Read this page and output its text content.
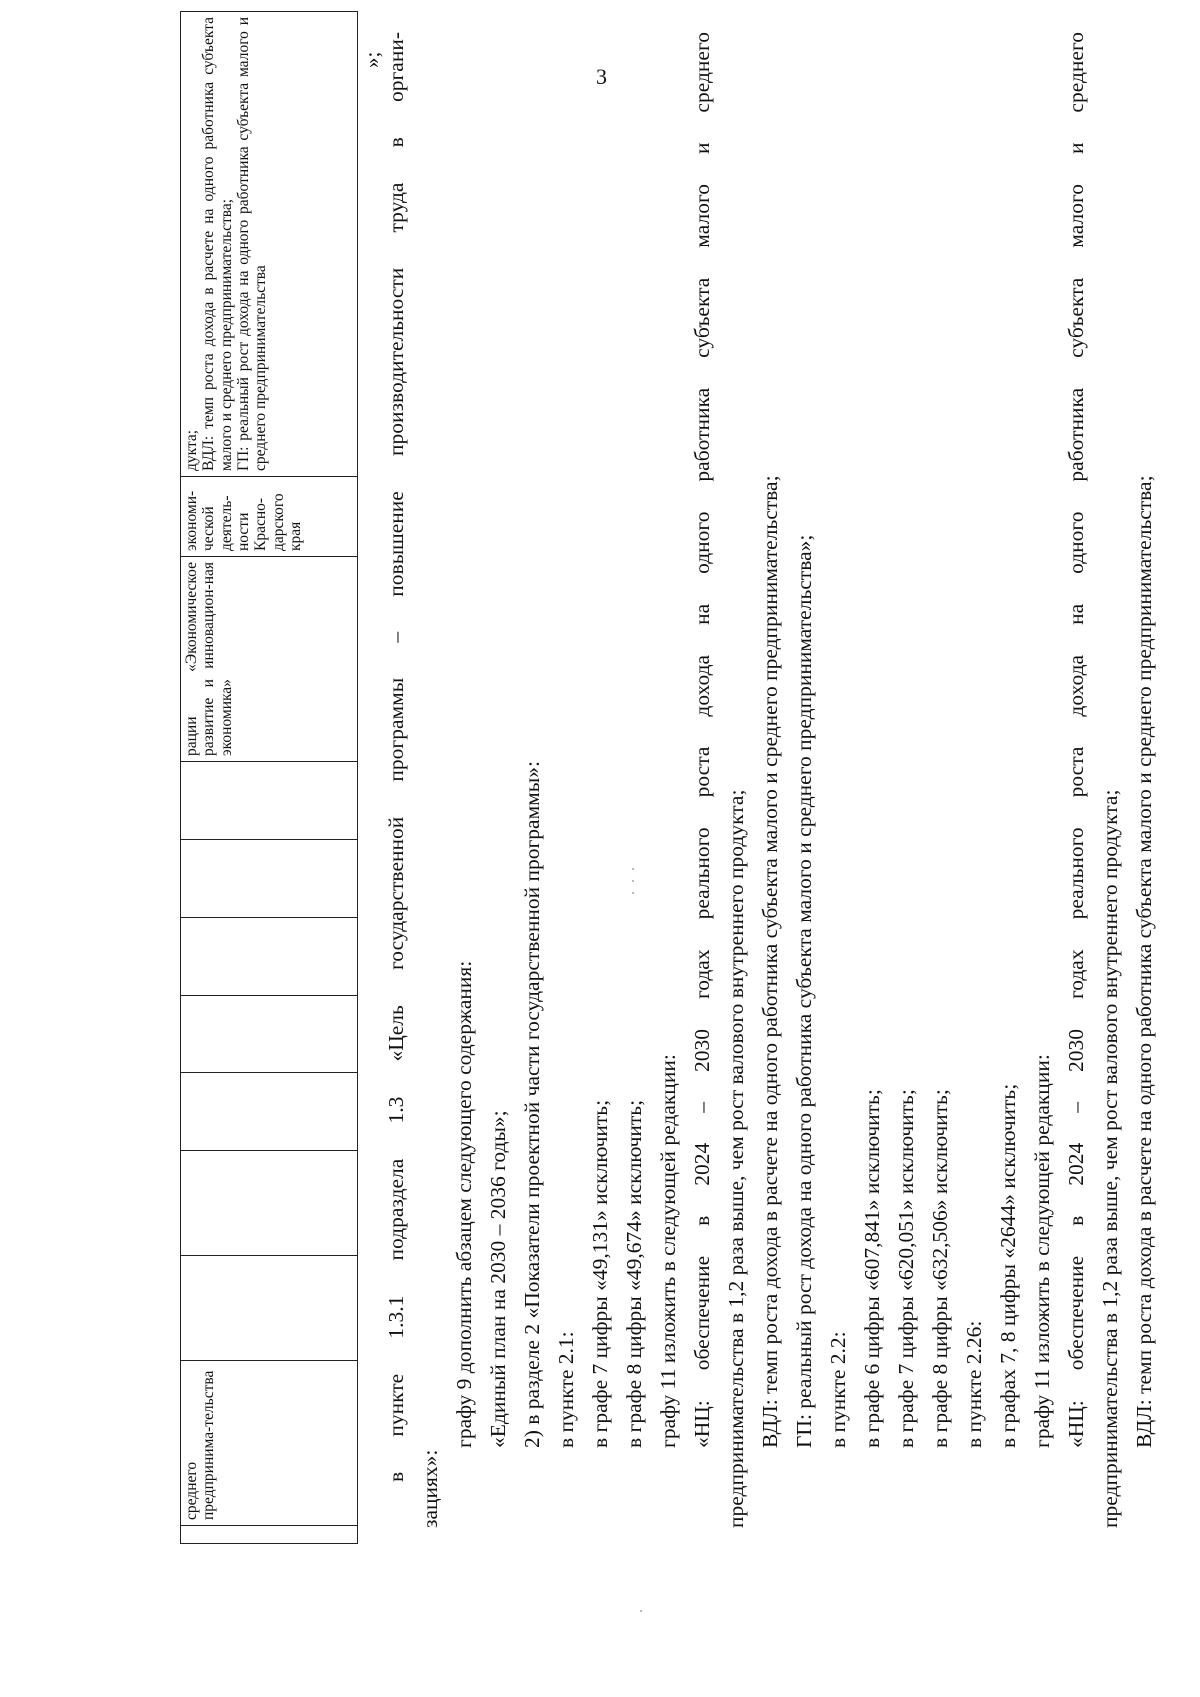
3
	среднего предпринима-тельства								рации «Экономическое развитие и инновацион-ная экономика»	экономи-ческой деятель-ности Красно-дарского края	дукта;
ВДЛ: темп роста дохода в расчете на одного работника субъекта малого и среднего предпринимательства;
ГП: реальный рост дохода на одного работника субъекта малого и среднего предпринимательства
»; в пункте 1.3.1 подраздела 1.3 «Цель государственной программы – повышение производительности труда в органи-
зациях»:
графу 9 дополнить абзацем следующего содержания: «Единый план на 2030 – 2036 годы»; 2) в разделе 2 «Показатели проектной части государственной программы»: в пункте 2.1: в графе 7 цифры «49,131» исключить; в графе 8 цифры «49,674» исключить; графу 11 изложить в следующей редакции: «НЦ: обеспечение в 2024 – 2030 годах реального роста дохода на одного работника субъекта малого и среднего предпринимательства в 1,2 раза выше, чем рост валового внутреннего продукта; ВДЛ: темп роста дохода в расчете на одного работника субъекта малого и среднего предпринимательства; ГП: реальный рост дохода на одного работника субъекта малого и среднего предпринимательства»; в пункте 2.2: в графе 6 цифры «607,841» исключить; в графе 7 цифры «620,051» исключить; в графе 8 цифры «632,506» исключить; в пункте 2.26: в графах 7, 8 цифры «2644» исключить; графу 11 изложить в следующей редакции: «НЦ: обеспечение в 2024 – 2030 годах реального роста дохода на одного работника субъекта малого и среднего предпринимательства в 1,2 раза выше, чем рост валового внутреннего продукта; ВДЛ: темп роста дохода в расчете на одного работника субъекта малого и среднего предпринимательства;
